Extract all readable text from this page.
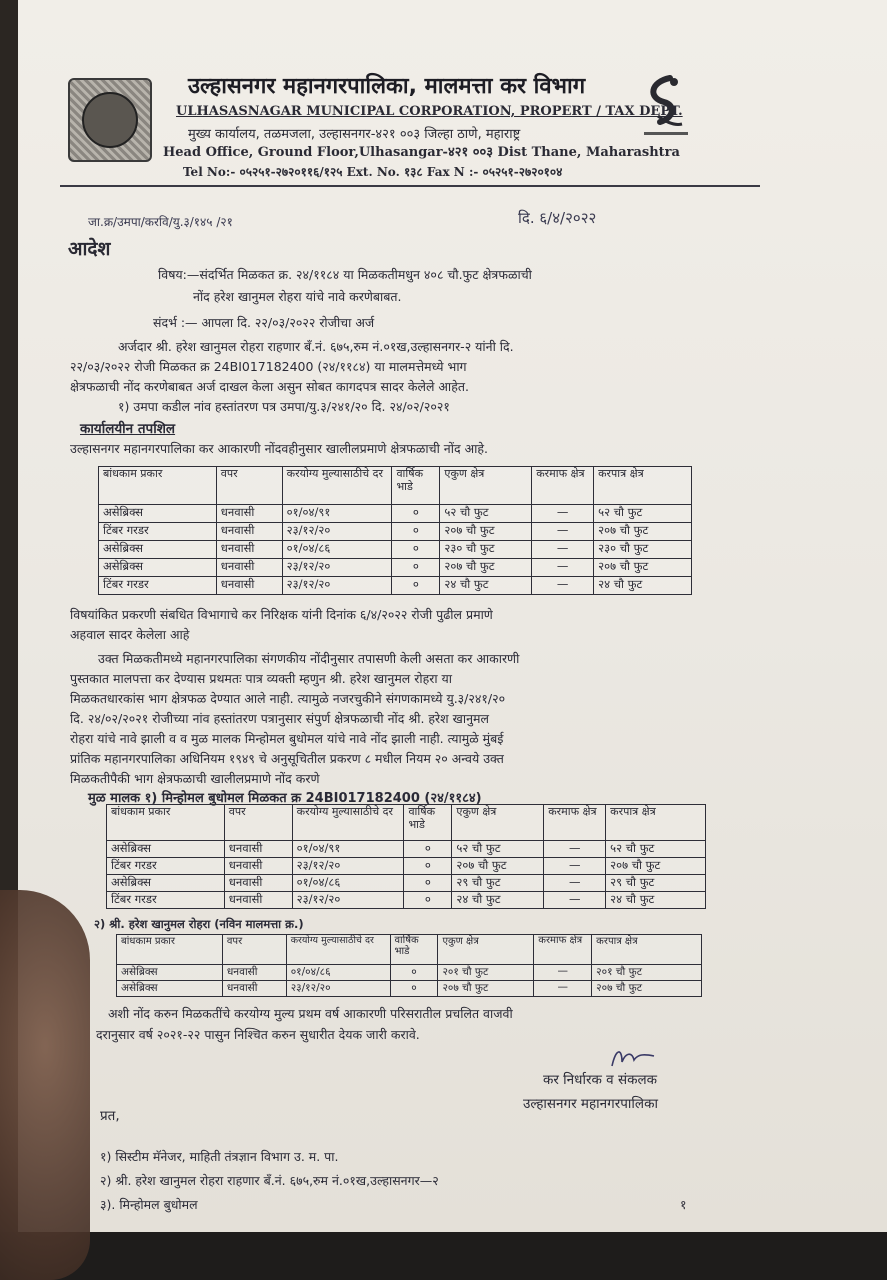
उल्हासनगर महानगरपालिका, मालमत्ता कर विभाग
ULHASASNAGAR MUNICIPAL CORPORATION, PROPERT / TAX DEPT.
मुख्य कार्यालय, तळमजला, उल्हासनगर-४२१ ००३ जिल्हा ठाणे, महाराष्ट्र
Head Office, Ground Floor,Ulhasangar-४२१ ००३ Dist Thane, Maharashtra
Tel No:- ०५२५१-२७२०११६/१२५ Ext. No. १३८ Fax N :- ०५२५१-२७२०१०४
जा.क्र/उमपा/करवि/यु.३/१४५ /२१	दि. ६/४/२०२२
आदेश
विषय:—संदर्भित मिळकत क्र. २४/११८४ या मिळकतीमधुन ४०८ चौ.फुट क्षेत्रफळाची
नोंद हरेश खानुमल रोहरा यांचे नावे करणेबाबत.
संदर्भ :— आपला दि. २२/०३/२०२२ रोजीचा अर्ज
अर्जदार श्री. हरेश खानुमल रोहरा राहणार बॅं.नं. ६७५,रुम नं.०१ख,उल्हासनगर-२ यांनी दि.
२२/०३/२०२२ रोजी मिळकत क्र 24BI017182400 (२४/११८४) या मालमत्तेमध्ये भाग
क्षेत्रफळाची नोंद करणेबाबत अर्ज दाखल केला असुन सोबत कागदपत्र सादर केलेले आहेत.
१) उमपा कडील नांव हस्तांतरण पत्र उमपा/यु.३/२४१/२० दि. २४/०२/२०२१
कार्यालयीन तपशिल
उल्हासनगर महानगरपालिका कर आकारणी नोंदवहीनुसार खालीलप्रमाणे क्षेत्रफळाची नोंद आहे.
बांधकाम प्रकार	वपर	करयोग्य मुल्यासाठीचे दर	वार्षिक भाडे	एकुण क्षेत्र	करमाफ क्षेत्र	करपात्र क्षेत्र
असेब्रिक्स	धनवासी	०१/०४/९१	०	५२ चौ फुट	—	५२ चौ फुट
टिंबर गरडर	धनवासी	२३/१२/२०	०	२०७ चौ फुट	—	२०७ चौ फुट
असेब्रिक्स	धनवासी	०१/०४/८६	०	२३० चौ फुट	—	२३० चौ फुट
असेब्रिक्स	धनवासी	२३/१२/२०	०	२०७ चौ फुट	—	२०७ चौ फुट
टिंबर गरडर	धनवासी	२३/१२/२०	०	२४ चौ फुट	—	२४ चौ फुट
विषयांकित प्रकरणी संबधित विभागाचे कर निरिक्षक यांनी दिनांक ६/४/२०२२ रोजी पुढील प्रमाणे
अहवाल सादर केलेला आहे
उक्त मिळकतीमध्ये महानगरपालिका संगणकीय नोंदीनुसार तपासणी केली असता कर आकारणी
पुस्तकात मालपत्ता कर देण्यास प्रथमतः पात्र व्यक्ती म्हणुन श्री. हरेश खानुमल रोहरा या
मिळकतधारकांस भाग क्षेत्रफळ देण्यात आले नाही. त्यामुळे नजरचुकीने संगणकामध्ये यु.३/२४१/२०
दि. २४/०२/२०२१ रोजीच्या नांव हस्तांतरण पत्रानुसार संपुर्ण क्षेत्रफळाची नोंद श्री. हरेश खानुमल
रोहरा यांचे नावे झाली व व मुळ मालक मिन्होमल बुधोमल यांचे नावे नोंद झाली नाही. त्यामुळे मुंबई
प्रांतिक महानगरपालिका अधिनियम १९४९ चे अनुसूचितील प्रकरण ८ मधील नियम २० अन्वये उक्त
मिळकतीपैकी भाग क्षेत्रफळाची खालीलप्रमाणे नोंद करणे
मुळ मालक १) मिन्होमल बुधोमल मिळकत क्र 24BI017182400 (२४/११८४)
बांधकाम प्रकार	वपर	करयोग्य मुल्यासाठीचे दर	वार्षिक भाडे	एकुण क्षेत्र	करमाफ क्षेत्र	करपात्र क्षेत्र
असेब्रिक्स	धनवासी	०१/०४/९१	०	५२ चौ फुट	—	५२ चौ फुट
टिंबर गरडर	धनवासी	२३/१२/२०	०	२०७ चौ फुट	—	२०७ चौ फुट
असेब्रिक्स	धनवासी	०१/०४/८६	०	२९ चौ फुट	—	२९ चौ फुट
टिंबर गरडर	धनवासी	२३/१२/२०	०	२४ चौ फुट	—	२४ चौ फुट
२) श्री. हरेश खानुमल रोहरा (नविन मालमत्ता क्र.)
बांधकाम प्रकार	वपर	करयोग्य मुल्यासाठीचे दर	वार्षिक भाडे	एकुण क्षेत्र	करमाफ क्षेत्र	करपात्र क्षेत्र
असेब्रिक्स	धनवासी	०१/०४/८६	०	२०१ चौ फुट	—	२०१ चौ फुट
असेब्रिक्स	धनवासी	२३/१२/२०	०	२०७ चौ फुट	—	२०७ चौ फुट
अशी नोंद करुन मिळकतींचे करयोग्य मुल्य प्रथम वर्ष आकारणी परिसरातील प्रचलित वाजवी
दरानुसार वर्ष २०२१-२२ पासुन निश्चित करुन सुधारीत देयक जारी करावे.
कर निर्धारक व संकलक
उल्हासनगर महानगरपालिका
प्रत,
१) सिस्टीम मॅनेजर, माहिती तंत्रज्ञान विभाग उ. म. पा.
२) श्री. हरेश खानुमल रोहरा राहणार बॅं.नं. ६७५,रुम नं.०१ख,उल्हासनगर—२
३). मिन्होमल बुधोमल	१
